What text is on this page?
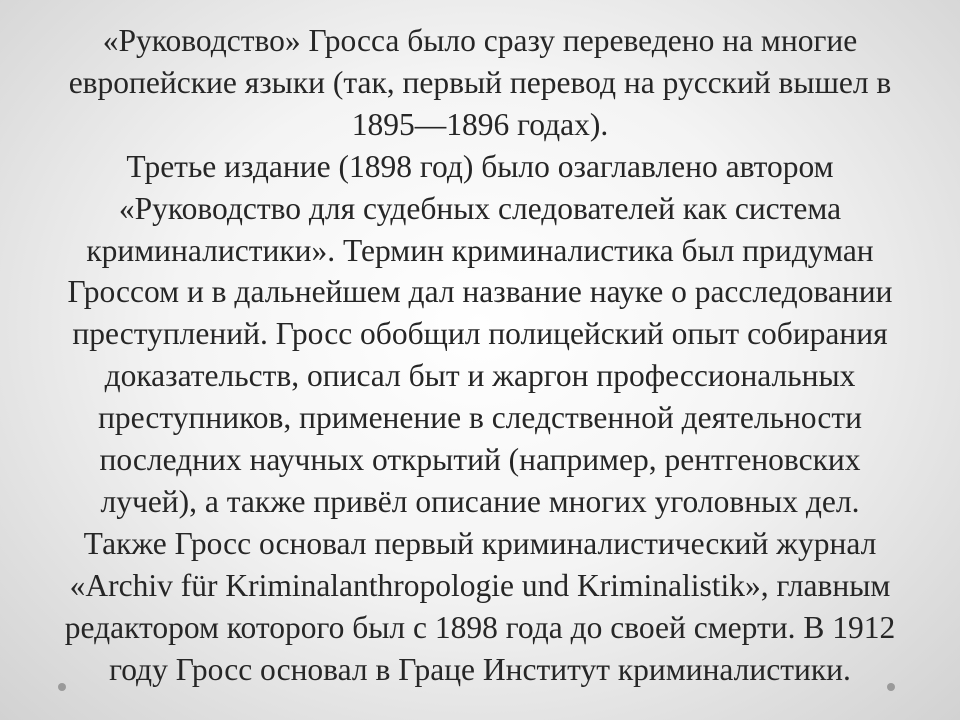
«Руководство» Гросса было сразу переведено на многие
европейские языки (так, первый перевод на русский вышел в
1895—1896 годах).
Третье издание (1898 год) было озаглавлено автором
«Руководство для судебных следователей как система
криминалистики». Термин криминалистика был придуман
Гроссом и в дальнейшем дал название науке о расследовании
преступлений. Гросс обобщил полицейский опыт собирания
доказательств, описал быт и жаргон профессиональных
преступников, применение в следственной деятельности
последних научных открытий (например, рентгеновских
лучей), а также привёл описание многих уголовных дел.
Также Гросс основал первый криминалистический журнал
«Archiv für Kriminalanthropologie und Kriminalistik», главным
редактором которого был с 1898 года до своей смерти. В 1912
году Гросс основал в Граце Институт криминалистики.
